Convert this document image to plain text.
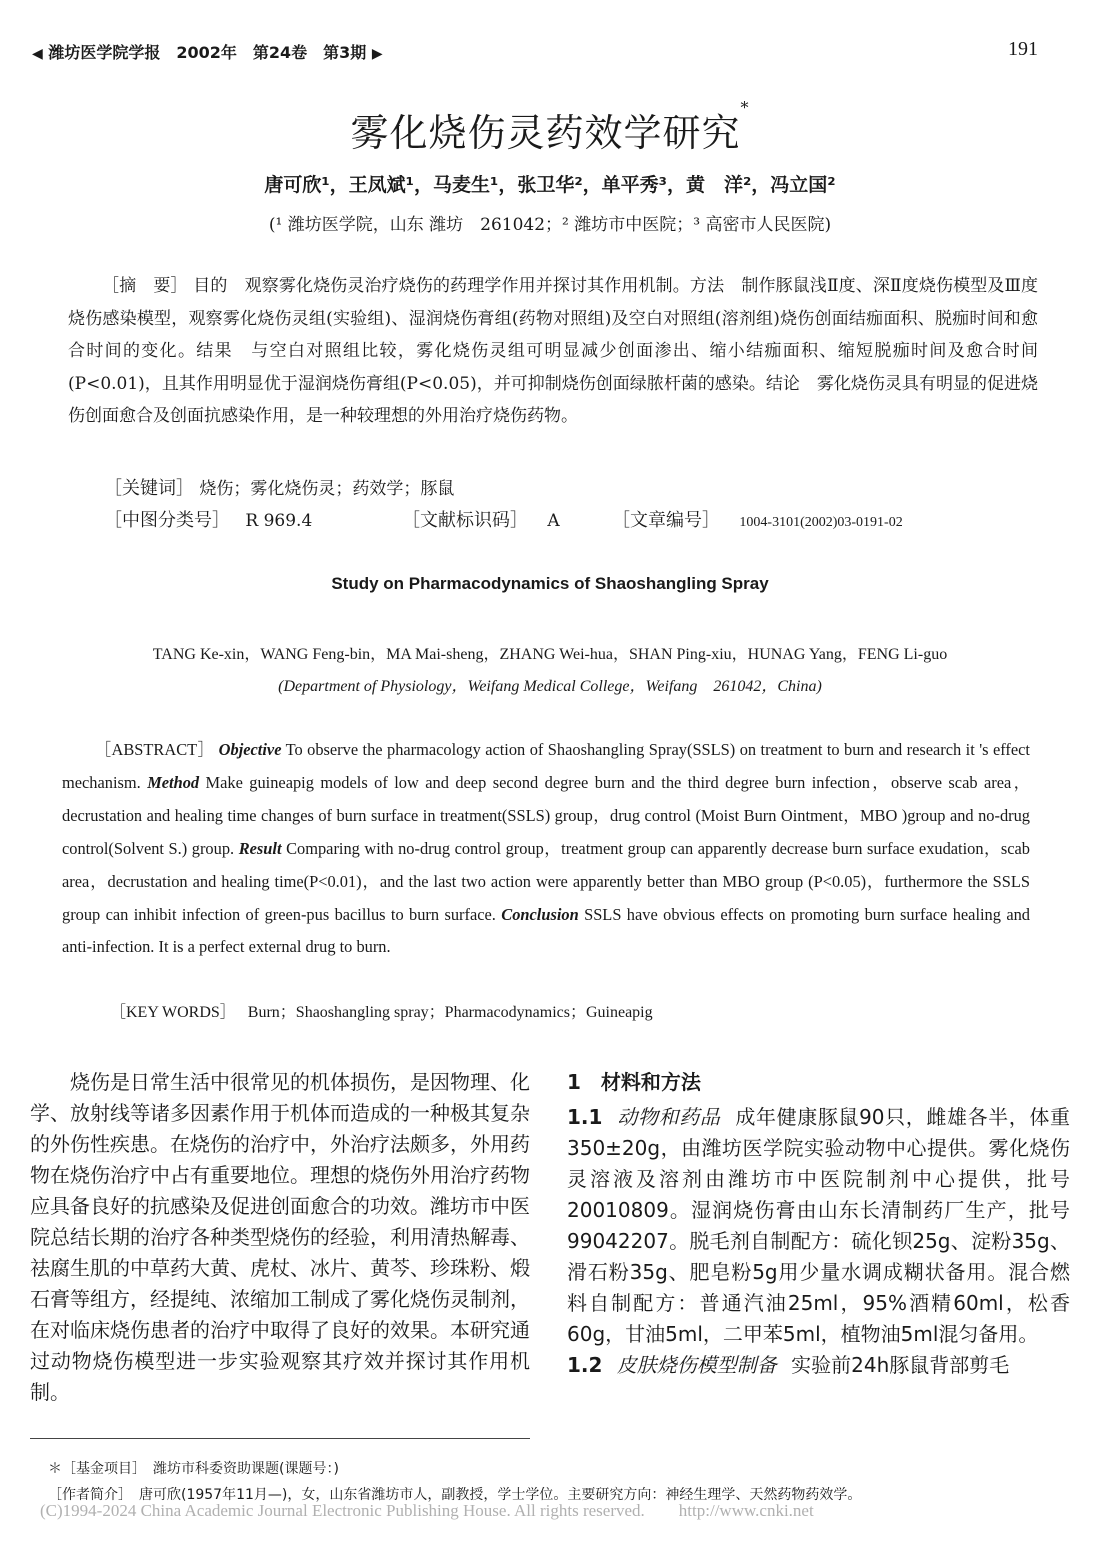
◀ 潍坊医学院学报　2002年　第24卷　第3期 ▶	191
雾化烧伤灵药效学研究*
唐可欣¹，王凤斌¹，马麦生¹，张卫华²，单平秀³，黄　洋²，冯立国²
(¹ 潍坊医学院，山东 潍坊　261042；² 潍坊市中医院；³ 高密市人民医院)

［摘　要］ 目的　观察雾化烧伤灵治疗烧伤的药理学作用并探讨其作用机制。方法　制作豚鼠浅Ⅱ度、深Ⅱ度烧伤模型及Ⅲ度烧伤感染模型，观察雾化烧伤灵组(实验组)、湿润烧伤膏组(药物对照组)及空白对照组(溶剂组)烧伤创面结痂面积、脱痂时间和愈合时间的变化。结果　与空白对照组比较，雾化烧伤灵组可明显减少创面渗出、缩小结痂面积、缩短脱痂时间及愈合时间(P<0.01)，且其作用明显优于湿润烧伤膏组(P<0.05)，并可抑制烧伤创面绿脓杆菌的感染。结论　雾化烧伤灵具有明显的促进烧伤创面愈合及创面抗感染作用，是一种较理想的外用治疗烧伤药物。

［关键词］ 烧伤；雾化烧伤灵；药效学；豚鼠
［中图分类号］ R 969.4	［文献标识码］ A	［文章编号］ 1004-3101(2002)03-0191-02
Study on Pharmacodynamics of Shaoshangling Spray
TANG Ke-xin，WANG Feng-bin，MA Mai-sheng，ZHANG Wei-hua，SHAN Ping-xiu，HUNAG Yang，FENG Li-guo
(Department of Physiology，Weifang Medical College，Weifang　261042，China)

［ABSTRACT］ Objective To observe the pharmacology action of Shaoshangling Spray(SSLS) on treatment to burn and research it 's effect mechanism. Method Make guineapig models of low and deep second degree burn and the third degree burn infection，observe scab area，decrustation and healing time changes of burn surface in treatment(SSLS) group，drug control (Moist Burn Ointment，MBO )group and no-drug control(Solvent S.) group. Result Comparing with no-drug control group，treatment group can apparently decrease burn surface exudation，scab area，decrustation and healing time(P<0.01)，and the last two action were apparently better than MBO group (P<0.05)，furthermore the SSLS group can inhibit infection of green-pus bacillus to burn surface. Conclusion SSLS have obvious effects on promoting burn surface healing and anti-infection. It is a perfect external drug to burn.

［KEY WORDS］ Burn；Shaoshangling spray；Pharmacodynamics；Guineapig

烧伤是日常生活中很常见的机体损伤，是因物理、化学、放射线等诸多因素作用于机体而造成的一种极其复杂的外伤性疾患。在烧伤的治疗中，外治疗法颇多，外用药物在烧伤治疗中占有重要地位。理想的烧伤外用治疗药物应具备良好的抗感染及促进创面愈合的功效。潍坊市中医院总结长期的治疗各种类型烧伤的经验，利用清热解毒、祛腐生肌的中草药大黄、虎杖、冰片、黄芩、珍珠粉、煅石膏等组方，经提纯、浓缩加工制成了雾化烧伤灵制剂，在对临床烧伤患者的治疗中取得了良好的效果。本研究通过动物烧伤模型进一步实验观察其疗效并探讨其作用机制。

1　材料和方法

1.1 动物和药品 成年健康豚鼠90只，雌雄各半，体重350±20g，由潍坊医学院实验动物中心提供。雾化烧伤灵溶液及溶剂由潍坊市中医院制剂中心提供，批号20010809。湿润烧伤膏由山东长清制药厂生产，批号99042207。脱毛剂自制配方：硫化钡25g、淀粉35g、滑石粉35g、肥皂粉5g用少量水调成糊状备用。混合燃料自制配方：普通汽油25ml，95%酒精60ml，松香60g，甘油5ml，二甲苯5ml，植物油5ml混匀备用。

1.2 皮肤烧伤模型制备 实验前24h豚鼠背部剪毛

＊［基金项目］　潍坊市科委资助课题(课题号：)
［作者简介］　唐可欣(1957年11月—)，女，山东省潍坊市人，副教授，学士学位。主要研究方向：神经生理学、天然药物药效学。
(C)1994-2024 China Academic Journal Electronic Publishing House. All rights reserved.　　http://www.cnki.net
